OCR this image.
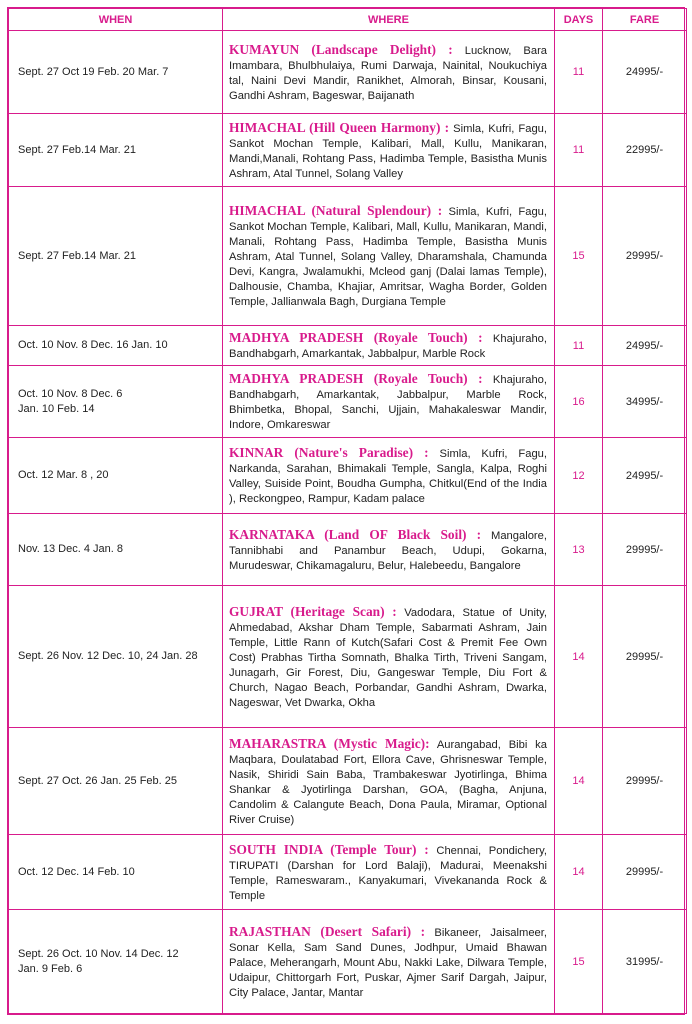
WHEN	WHERE	DAYS	FARE
Sept. 27 Oct 19 Feb. 20 Mar. 7	KUMAYUN (Landscape Delight) : Lucknow, Bara Imambara, Bhulbhulaiya, Rumi Darwaja, Nainital, Noukuchiya tal, Naini Devi Mandir, Ranikhet, Almorah, Binsar, Kousani, Gandhi Ashram, Bageswar, Baijanath	11	24995/-
Sept. 27 Feb.14 Mar. 21	HIMACHAL (Hill Queen Harmony) : Simla, Kufri, Fagu, Sankot Mochan Temple, Kalibari, Mall, Kullu, Manikaran, Mandi,Manali, Rohtang Pass, Hadimba Temple, Basistha Munis Ashram, Atal Tunnel, Solang Valley	11	22995/-
Sept. 27 Feb.14 Mar. 21	HIMACHAL (Natural Splendour) : Simla, Kufri, Fagu, Sankot Mochan Temple, Kalibari, Mall, Kullu, Manikaran, Mandi, Manali, Rohtang Pass, Hadimba Temple, Basistha Munis Ashram, Atal Tunnel, Solang Valley, Dharamshala, Chamunda Devi, Kangra, Jwalamukhi, Mcleod ganj (Dalai lamas Temple), Dalhousie, Chamba, Khajiar, Amritsar, Wagha Border, Golden Temple, Jallianwala Bagh, Durgiana Temple	15	29995/-
Oct. 10 Nov. 8 Dec. 16 Jan. 10	MADHYA PRADESH (Royale Touch) : Khajuraho, Bandhabgarh, Amarkantak, Jabbalpur, Marble Rock	11	24995/-
Oct. 10 Nov. 8 Dec. 6
Jan. 10 Feb. 14	MADHYA PRADESH (Royale Touch) : Khajuraho, Bandhabgarh, Amarkantak, Jabbalpur, Marble Rock, Bhimbetka, Bhopal, Sanchi, Ujjain, Mahakaleswar Mandir, Indore, Omkareswar	16	34995/-
Oct. 12 Mar. 8 , 20	KINNAR (Nature's Paradise) : Simla, Kufri, Fagu, Narkanda, Sarahan, Bhimakali Temple, Sangla, Kalpa, Roghi Valley, Suiside Point, Boudha Gumpha, Chitkul(End of the India ), Reckongpeo, Rampur, Kadam palace	12	24995/-
Nov. 13 Dec. 4 Jan. 8	KARNATAKA (Land OF Black Soil) : Mangalore, Tannibhabi and Panambur Beach, Udupi, Gokarna, Murudeswar, Chikamagaluru, Belur, Halebeedu, Bangalore	13	29995/-
Sept. 26 Nov. 12 Dec. 10, 24 Jan. 28	GUJRAT (Heritage Scan) : Vadodara, Statue of Unity, Ahmedabad, Akshar Dham Temple, Sabarmati Ashram, Jain Temple, Little Rann of Kutch(Safari Cost & Premit Fee Own Cost) Prabhas Tirtha Somnath, Bhalka Tirth, Triveni Sangam, Junagarh, Gir Forest, Diu, Gangeswar Temple, Diu Fort & Church, Nagao Beach, Porbandar, Gandhi Ashram, Dwarka, Nageswar, Vet Dwarka, Okha	14	29995/-
Sept. 27 Oct. 26 Jan. 25 Feb. 25	MAHARASTRA (Mystic Magic): Aurangabad, Bibi ka Maqbara, Doulatabad Fort, Ellora Cave, Ghrisneswar Temple, Nasik, Shiridi Sain Baba, Trambakeswar Jyotirlinga, Bhima Shankar & Jyotirlinga Darshan, GOA, (Bagha, Anjuna, Candolim & Calangute Beach, Dona Paula, Miramar, Optional River Cruise)	14	29995/-
Oct. 12 Dec. 14 Feb. 10	SOUTH INDIA (Temple Tour) : Chennai, Pondichery, TIRUPATI (Darshan for Lord Balaji), Madurai, Meenakshi Temple, Rameswaram., Kanyakumari, Vivekananda Rock & Temple	14	29995/-
Sept. 26 Oct. 10 Nov. 14 Dec. 12
Jan. 9 Feb. 6	RAJASTHAN (Desert Safari) : Bikaneer, Jaisalmeer, Sonar Kella, Sam Sand Dunes, Jodhpur, Umaid Bhawan Palace, Meherangarh, Mount Abu, Nakki Lake, Dilwara Temple, Udaipur, Chittorgarh Fort, Puskar, Ajmer Sarif Dargah, Jaipur, City Palace, Jantar, Mantar	15	31995/-
